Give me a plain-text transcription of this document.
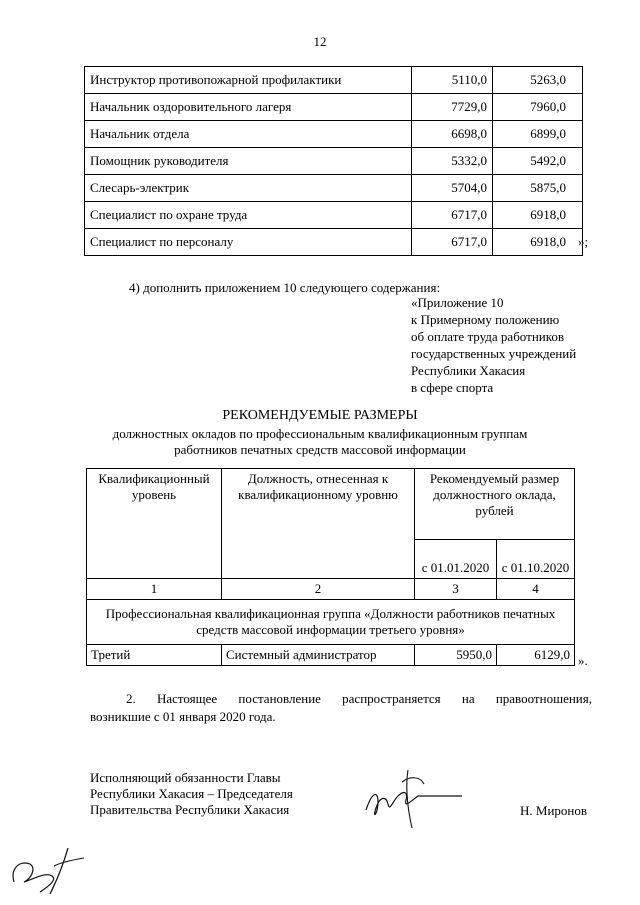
12
Инструктор противопожарной профилактики	5110,0	5263,0
Начальник оздоровительного лагеря	7729,0	7960,0
Начальник отдела	6698,0	6899,0
Помощник руководителя	5332,0	5492,0
Слесарь-электрик	5704,0	5875,0
Специалист по охране труда	6717,0	6918,0
Специалист по персоналу	6717,0	6918,0 »;
4) дополнить приложением 10 следующего содержания:
«Приложение 10
к Примерному положению
об оплате труда работников
государственных учреждений
Республики Хакасия
в сфере спорта
РЕКОМЕНДУЕМЫЕ РАЗМЕРЫ
должностных окладов по профессиональным квалификационным группам
работников печатных средств массовой информации
Квалификационный уровень	Должность, отнесенная к квалификационному уровню	Рекомендуемый размер должностного оклада, рублей	
		с 01.01.2020	с 01.10.2020
1	2	3	4
Профессиональная квалификационная группа «Должности работников печатных средств массовой информации третьего уровня»			
Третий	Системный администратор	5950,0	6129,0 ».
2. Настоящее постановление распространяется на правоотношения,
возникшие с 01 января 2020 года.
Исполняющий обязанности Главы
Республики Хакасия – Председателя
Правительства Республики Хакасия	Н. Миронов
